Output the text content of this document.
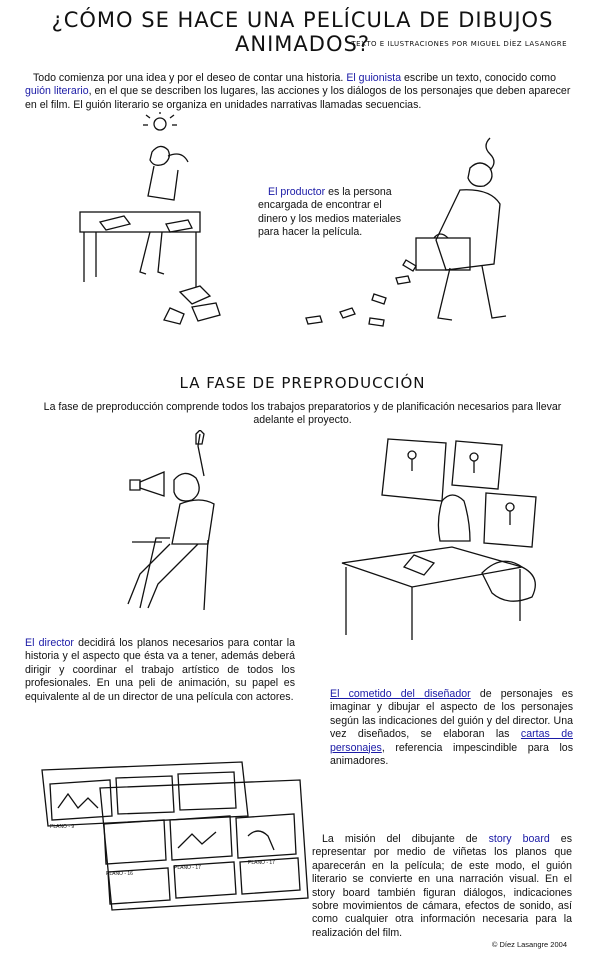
¿CÓMO SE HACE UNA PELÍCULA DE DIBUJOS ANIMADOS?
TEXTO E ILUSTRACIONES POR MIGUEL DÍEZ LASANGRE
Todo comienza por una idea y por el deseo de contar una historia. El guionista escribe un texto, conocido como guión literario, en el que se describen los lugares, las acciones y los diálogos de los personajes que deben aparecer en el film. El guión literario se organiza en unidades narrativas llamadas secuencias.
El productor es la persona encargada de encontrar el dinero y los medios materiales para hacer la película.
LA FASE DE PREPRODUCCIÓN
La fase de preproducción comprende todos los trabajos preparatorios y de planificación necesarios para llevar adelante el proyecto.
El director decidirá los planos necesarios para contar la historia y el aspecto que ésta va a tener, además deberá dirigir y coordinar el trabajo artístico de todos los profesionales. En una peli de animación, su papel es equivalente al de un director de una película con actores.	El cometido del diseñador de personajes es imaginar y dibujar el aspecto de los personajes según las indicaciones del guión y del director. Una vez diseñados, se elaboran las cartas de personajes, referencia impescindible para los animadores.
PLANO - 9
PLANO - 16
PLANO - 17
PLANO - 17
La misión del dibujante de story board es representar por medio de viñetas los planos que aparecerán en la película; de este modo, el guión literario se convierte en una narración visual. En el story board también figuran diálogos, indicaciones sobre movimientos de cámara, efectos de sonido, así como cualquier otra información necesaria para la realización del film.
© Díez Lasangre 2004
